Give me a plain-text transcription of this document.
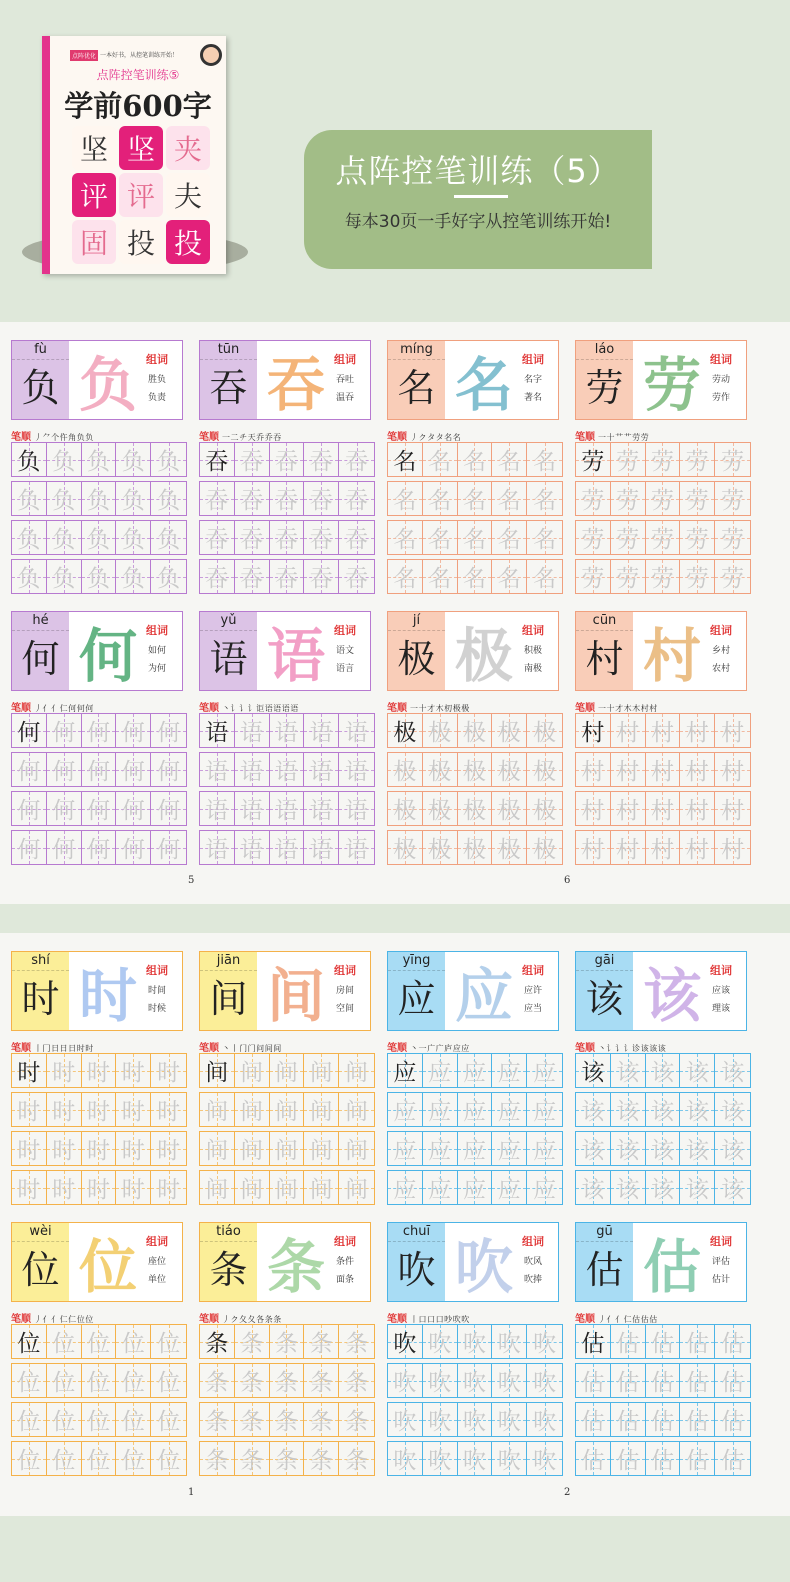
点阵优化 一本好书，从控笔训练开始！
点阵控笔训练⑤
学前600字
坚 坚 夹
评 评 夫
固 投 投
点阵控笔训练（5）
每本30页一手好字从控笔训练开始!
fù
负 负 组词
胜负
负责
笔顺 丿 ⺈ 个 仵 角 负 负
负 负 负 负 负
负 负 负 负 负
负 负 负 负 负
负 负 负 负 负
tūn
吞 吞 组词
吞吐
温吞
笔顺 一 二 チ 天 乔 乔 吞
吞 吞 吞 吞 吞
吞 吞 吞 吞 吞
吞 吞 吞 吞 吞
吞 吞 吞 吞 吞
míng
名 名 组词
名字
著名
笔顺 丿 ク タ タ 名 名
名 名 名 名 名
名 名 名 名 名
名 名 名 名 名
名 名 名 名 名
láo
劳 劳 组词
劳动
劳作
笔顺 一 十 艹 艹 劳 劳
劳 劳 劳 劳 劳
劳 劳 劳 劳 劳
劳 劳 劳 劳 劳
劳 劳 劳 劳 劳
hé
何 何 组词
如何
为何
笔顺 丿 亻 亻 仁 何 何 何
何 何 何 何 何
何 何 何 何 何
何 何 何 何 何
何 何 何 何 何
yǔ
语 语 组词
语文
语言
笔顺 丶 讠 讠 讠 讵 语 语 语 语
语 语 语 语 语
语 语 语 语 语
语 语 语 语 语
语 语 语 语 语
jí
极 极 组词
积极
南极
笔顺 一 十 才 木 朷 极 极
极 极 极 极 极
极 极 极 极 极
极 极 极 极 极
极 极 极 极 极
cūn
村 村 组词
乡村
农村
笔顺 一 十 才 木 木 村 村
村 村 村 村 村
村 村 村 村 村
村 村 村 村 村
村 村 村 村 村
5	6
shí
时 时 组词
时间
时候
笔顺 丨 冂 日 日 日 时 时
时 时 时 时 时
时 时 时 时 时
时 时 时 时 时
时 时 时 时 时
jiān
间 间 组词
房间
空间
笔顺 丶 丨 门 门 问 间 间
间 间 间 间 间
间 间 间 间 间
间 间 间 间 间
间 间 间 间 间
yīng
应 应 组词
应许
应当
笔顺 丶 一 广 广 庐 应 应
应 应 应 应 应
应 应 应 应 应
应 应 应 应 应
应 应 应 应 应
gāi
该 该 组词
应该
理该
笔顺 丶 讠 讠 讠 诊 该 该 该
该 该 该 该 该
该 该 该 该 该
该 该 该 该 该
该 该 该 该 该
wèi
位 位 组词
座位
单位
笔顺 丿 亻 亻 仁 仁 位 位
位 位 位 位 位
位 位 位 位 位
位 位 位 位 位
位 位 位 位 位
tiáo
条 条 组词
条件
面条
笔顺 丿 ク 夂 夂 各 条 条
条 条 条 条 条
条 条 条 条 条
条 条 条 条 条
条 条 条 条 条
chuī
吹 吹 组词
吹风
吹捧
笔顺 丨 口 口 口 吵 吹 吹
吹 吹 吹 吹 吹
吹 吹 吹 吹 吹
吹 吹 吹 吹 吹
吹 吹 吹 吹 吹
gū
估 估 组词
评估
估计
笔顺 丿 亻 亻 仁 估 估 估
估 估 估 估 估
估 估 估 估 估
估 估 估 估 估
估 估 估 估 估
1	2
